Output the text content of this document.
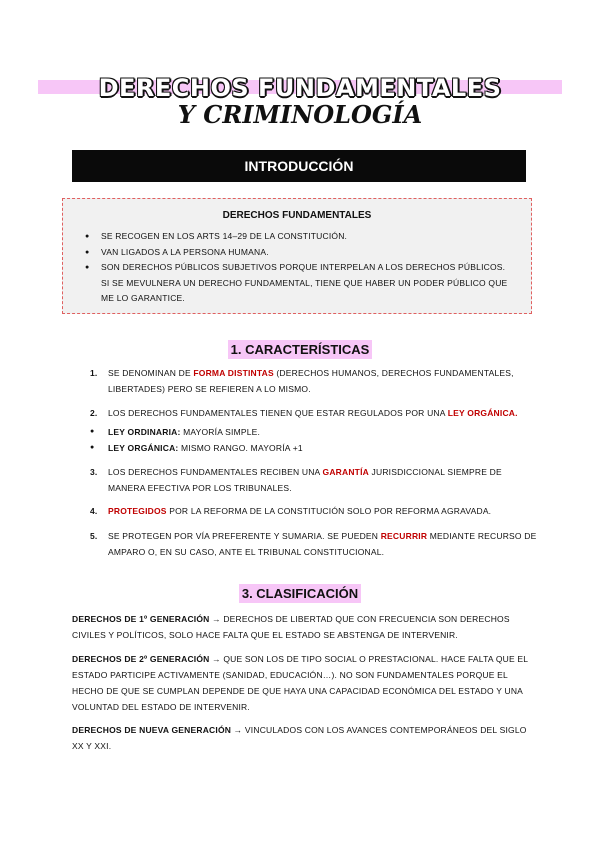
DERECHOS FUNDAMENTALES
Y CRIMINOLOGÍA
INTRODUCCIÓN
DERECHOS FUNDAMENTALES
● SE RECOGEN EN LOS ARTS 14–29 DE LA CONSTITUCIÓN.
● VAN LIGADOS A LA PERSONA HUMANA.
● SON DERECHOS PÚBLICOS SUBJETIVOS PORQUE INTERPELAN A LOS DERECHOS PÚBLICOS. SI SE MEVULNERA UN DERECHO FUNDAMENTAL, TIENE QUE HABER UN PODER PÚBLICO QUE ME LO GARANTICE.
1. CARACTERÍSTICAS
1.	SE DENOMINAN DE FORMA DISTINTAS (DERECHOS HUMANOS, DERECHOS FUNDAMENTALES, LIBERTADES) PERO SE REFIEREN A LO MISMO.
2.	LOS DERECHOS FUNDAMENTALES TIENEN QUE ESTAR REGULADOS POR UNA LEY ORGÁNICA.
● LEY ORDINARIA: MAYORÍA SIMPLE.
● LEY ORGÁNICA: MISMO RANGO. MAYORÍA +1
3.	LOS DERECHOS FUNDAMENTALES RECIBEN UNA GARANTÍA JURISDICCIONAL SIEMPRE DE MANERA EFECTIVA POR LOS TRIBUNALES.
4.	PROTEGIDOS POR LA REFORMA DE LA CONSTITUCIÓN SOLO POR REFORMA AGRAVADA.
5.	SE PROTEGEN POR VÍA PREFERENTE Y SUMARIA. SE PUEDEN RECURRIR MEDIANTE RECURSO DE AMPARO O, EN SU CASO, ANTE EL TRIBUNAL CONSTITUCIONAL.
3. CLASIFICACIÓN
DERECHOS DE 1º GENERACIÓN → DERECHOS DE LIBERTAD QUE CON FRECUENCIA SON DERECHOS CIVILES Y POLÍTICOS, SOLO HACE FALTA QUE EL ESTADO SE ABSTENGA DE INTERVENIR.
DERECHOS DE 2º GENERACIÓN → QUE SON LOS DE TIPO SOCIAL O PRESTACIONAL. HACE FALTA QUE EL ESTADO PARTICIPE ACTIVAMENTE (SANIDAD, EDUCACIÓN…). NO SON FUNDAMENTALES PORQUE EL HECHO DE QUE SE CUMPLAN DEPENDE DE QUE HAYA UNA CAPACIDAD ECONÓMICA DEL ESTADO Y UNA VOLUNTAD DEL ESTADO DE INTERVENIR.
DERECHOS DE NUEVA GENERACIÓN → VINCULADOS CON LOS AVANCES CONTEMPORÁNEOS DEL SIGLO XX Y XXI.
